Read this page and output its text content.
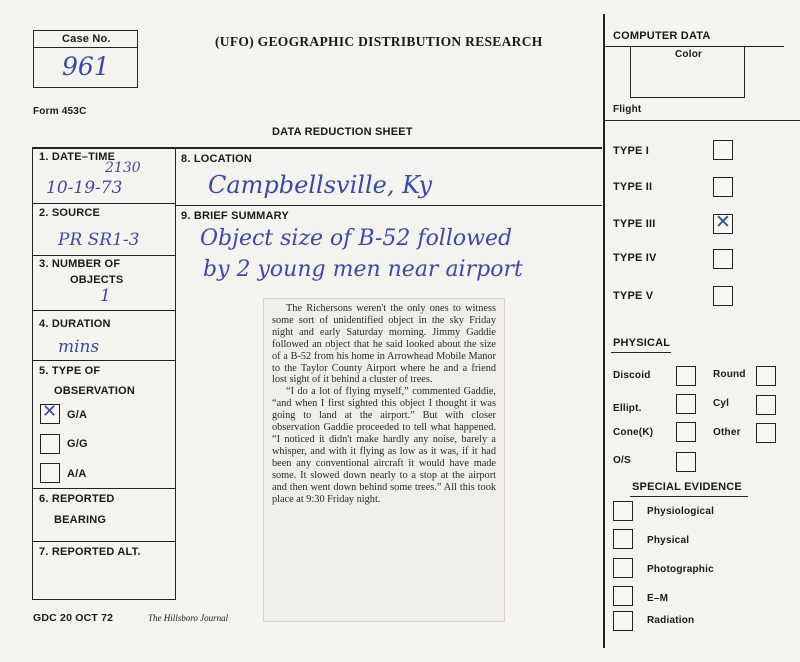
Case No.
961
(UFO) GEOGRAPHIC DISTRIBUTION RESEARCH
Form 453C
DATA REDUCTION SHEET
1. DATE–TIME
2130
10-19-73
2. SOURCE
PR SR1-3
3. NUMBER OF
OBJECTS
1
4. DURATION
mins
5. TYPE OF
OBSERVATION
✕ G/A
G/G
A/A
6. REPORTED
BEARING
7. REPORTED ALT.
8. LOCATION
Campbellsville, Ky
9. BRIEF SUMMARY
Object size of B-52 followed
by 2 young men near airport

The Richersons weren't the only ones to witness some sort of unidentified object in the sky Friday night and early Saturday morning. Jimmy Gaddie followed an object that he said looked about the size of a B-52 from his home in Arrowhead Mobile Manor to the Taylor County Airport where he and a friend lost sight of it behind a cluster of trees.

“I do a lot of flying myself,” commented Gaddie, “and when I first sighted this object I thought it was going to land at the airport.” But with closer observation Gaddie proceeded to tell what happened. “I noticed it didn't make hardly any noise, barely a whisper, and with it flying as low as it was, if it had been any conventional aircraft it would have made some. It slowed down nearly to a stop at the airport and then went down behind some trees.” All this took place at 9:30 Friday night.

GDC 20 OCT 72	The Hillsboro Journal
COMPUTER DATA
Color
Flight
TYPE I
TYPE II
TYPE III	✕
TYPE IV
TYPE V
PHYSICAL
Discoid	Round
Ellipt.	Cyl
Cone(K)	Other
O/S
SPECIAL EVIDENCE
Physiological
Physical
Photographic
E–M
Radiation
